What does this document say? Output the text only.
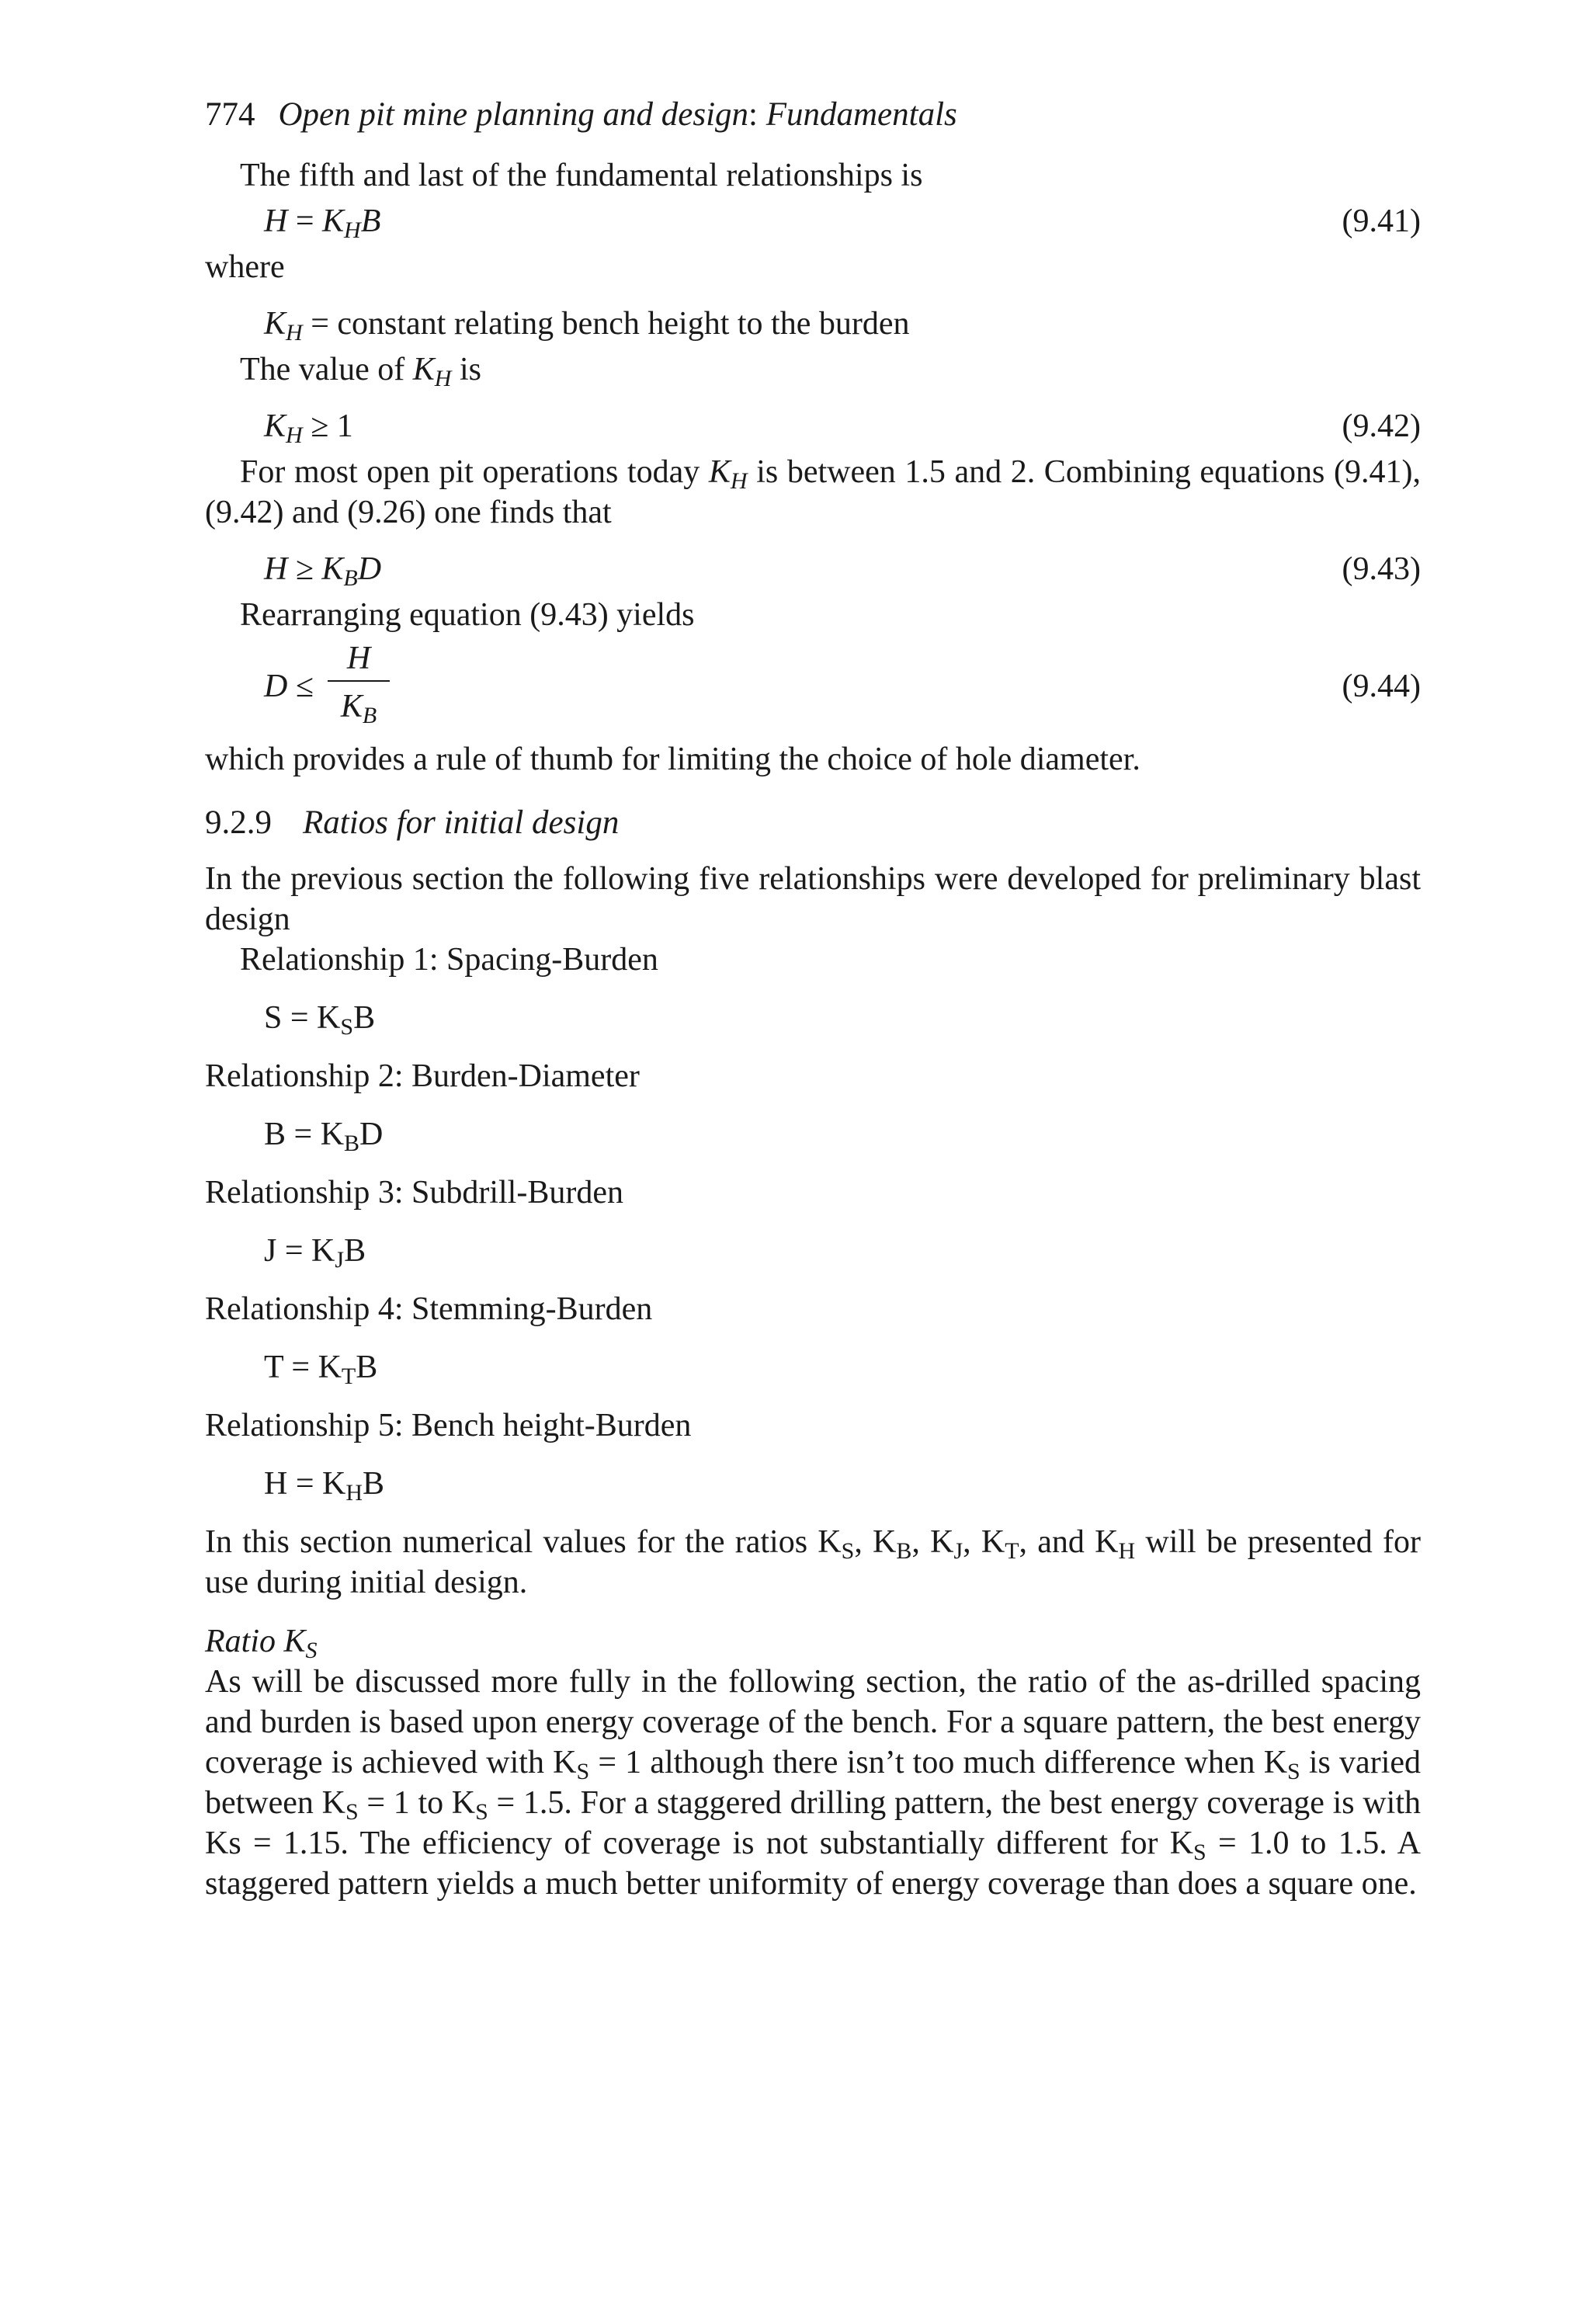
774 Open pit mine planning and design: Fundamentals

The fifth and last of the fundamental relationships is

$H = K_HB$	(9.41)

where

$K_H$ = constant relating bench height to the burden

The value of $K_H$ is

$K_H \ge 1$	(9.42)

For most open pit operations today $K_H$ is between 1.5 and 2. Combining equations (9.41), (9.42) and (9.26) one finds that

$H \ge K_BD$	(9.43)

Rearranging equation (9.43) yields

$D \le \frac{H}{K_B}$	(9.44)

which provides a rule of thumb for limiting the choice of hole diameter.

9.2.9 Ratios for initial design

In the previous section the following five relationships were developed for preliminary blast design

Relationship 1: Spacing-Burden

$S = K_SB$

Relationship 2: Burden-Diameter

$B = K_BD$

Relationship 3: Subdrill-Burden

$J = K_JB$

Relationship 4: Stemming-Burden

$T = K_TB$

Relationship 5: Bench height-Burden

$H = K_HB$

In this section numerical values for the ratios $K_S$, $K_B$, $K_J$, $K_T$, and $K_H$ will be presented for use during initial design.

Ratio $K_S$

As will be discussed more fully in the following section, the ratio of the as-drilled spacing and burden is based upon energy coverage of the bench. For a square pattern, the best energy coverage is achieved with $K_S = 1$ although there isn’t too much difference when $K_S$ is varied between $K_S = 1$ to $K_S = 1.5$. For a staggered drilling pattern, the best energy coverage is with Ks = 1.15. The efficiency of coverage is not substantially different for $K_S = 1.0$ to 1.5. A staggered pattern yields a much better uniformity of energy coverage than does a square one.
